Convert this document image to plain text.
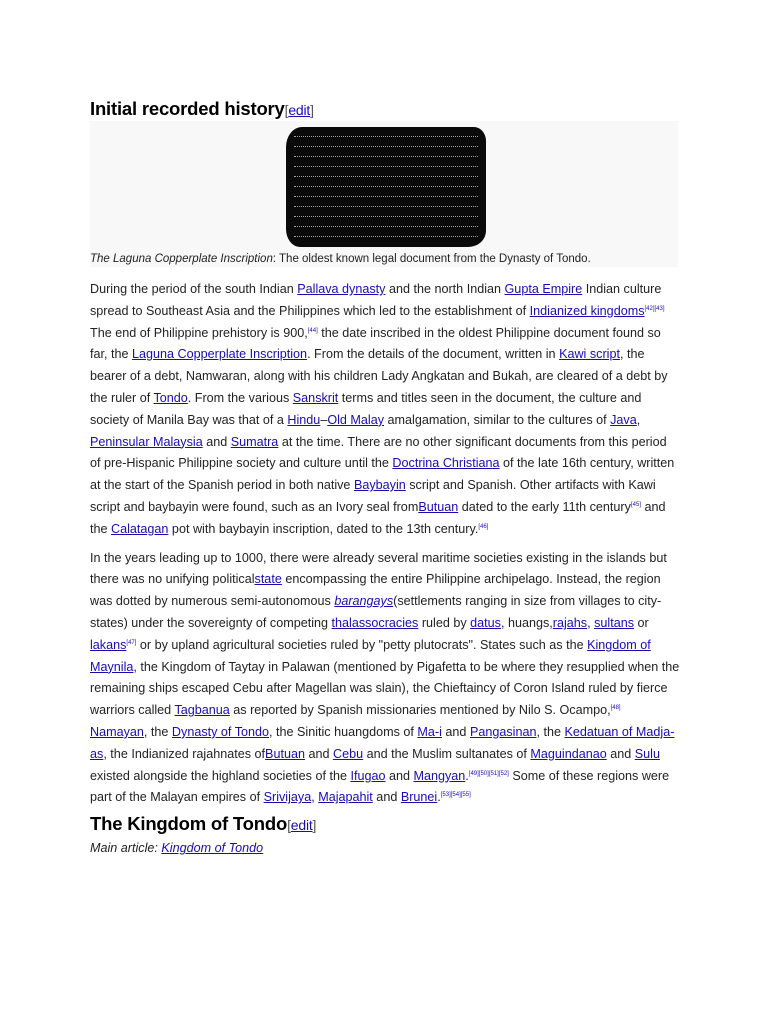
Initial recorded history[edit]
The Laguna Copperplate Inscription: The oldest known legal document from the Dynasty of Tondo.

During the period of the south Indian Pallava dynasty and the north Indian Gupta Empire Indian culture spread to Southeast Asia and the Philippines which led to the establishment of Indianized kingdoms[42][43] The end of Philippine prehistory is 900,[44] the date inscribed in the oldest Philippine document found so far, the Laguna Copperplate Inscription. From the details of the document, written in Kawi script, the bearer of a debt, Namwaran, along with his children Lady Angkatan and Bukah, are cleared of a debt by the ruler of Tondo. From the various Sanskrit terms and titles seen in the document, the culture and society of Manila Bay was that of a Hindu–Old Malay amalgamation, similar to the cultures of Java, Peninsular Malaysia and Sumatra at the time. There are no other significant documents from this period of pre-Hispanic Philippine society and culture until the Doctrina Christiana of the late 16th century, written at the start of the Spanish period in both native Baybayin script and Spanish. Other artifacts with Kawi script and baybayin were found, such as an Ivory seal fromButuan dated to the early 11th century[45] and the Calatagan pot with baybayin inscription, dated to the 13th century.[46]

In the years leading up to 1000, there were already several maritime societies existing in the islands but there was no unifying politicalstate encompassing the entire Philippine archipelago. Instead, the region was dotted by numerous semi-autonomous barangays(settlements ranging in size from villages to city-states) under the sovereignty of competing thalassocracies ruled by datus, huangs,rajahs, sultans or lakans[47] or by upland agricultural societies ruled by "petty plutocrats". States such as the Kingdom of Maynila, the Kingdom of Taytay in Palawan (mentioned by Pigafetta to be where they resupplied when the remaining ships escaped Cebu after Magellan was slain), the Chieftaincy of Coron Island ruled by fierce warriors called Tagbanua as reported by Spanish missionaries mentioned by Nilo S. Ocampo,[48] Namayan, the Dynasty of Tondo, the Sinitic huangdoms of Ma-i and Pangasinan, the Kedatuan of Madja-as, the Indianized rajahnates ofButuan and Cebu and the Muslim sultanates of Maguindanao and Sulu existed alongside the highland societies of the Ifugao and Mangyan.[49][50][51][52] Some of these regions were part of the Malayan empires of Srivijaya, Majapahit and Brunei.[53][54][55]

The Kingdom of Tondo[edit]
Main article: Kingdom of Tondo
